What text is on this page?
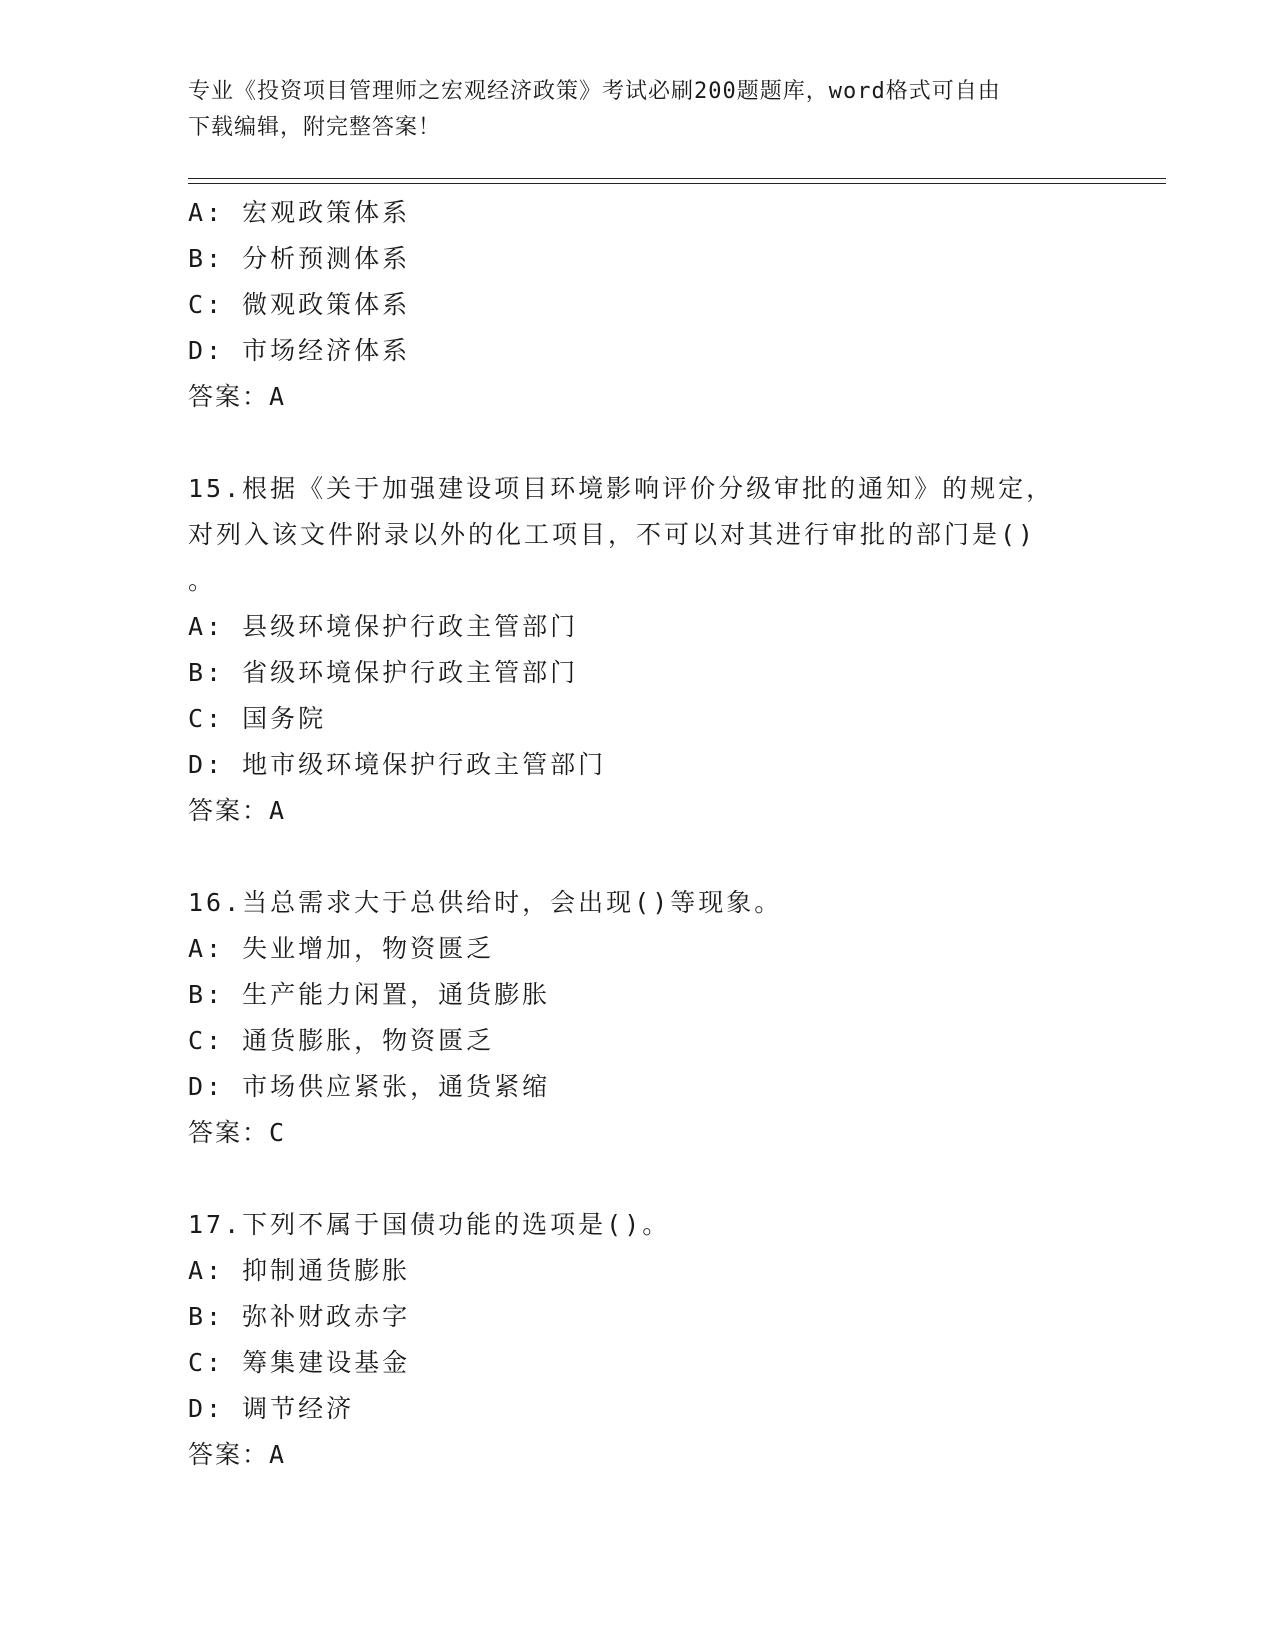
专业《投资项目管理师之宏观经济政策》考试必刷200题题库，word格式可自由
下载编辑，附完整答案！
A: 宏观政策体系
B: 分析预测体系
C: 微观政策体系
D: 市场经济体系
答案：A
15.根据《关于加强建设项目环境影响评价分级审批的通知》的规定，
对列入该文件附录以外的化工项目，不可以对其进行审批的部门是()
。
A: 县级环境保护行政主管部门
B: 省级环境保护行政主管部门
C: 国务院
D: 地市级环境保护行政主管部门
答案：A
16.当总需求大于总供给时，会出现()等现象。
A: 失业增加，物资匮乏
B: 生产能力闲置，通货膨胀
C: 通货膨胀，物资匮乏
D: 市场供应紧张，通货紧缩
答案：C
17.下列不属于国债功能的选项是()。
A: 抑制通货膨胀
B: 弥补财政赤字
C: 筹集建设基金
D: 调节经济
答案：A
